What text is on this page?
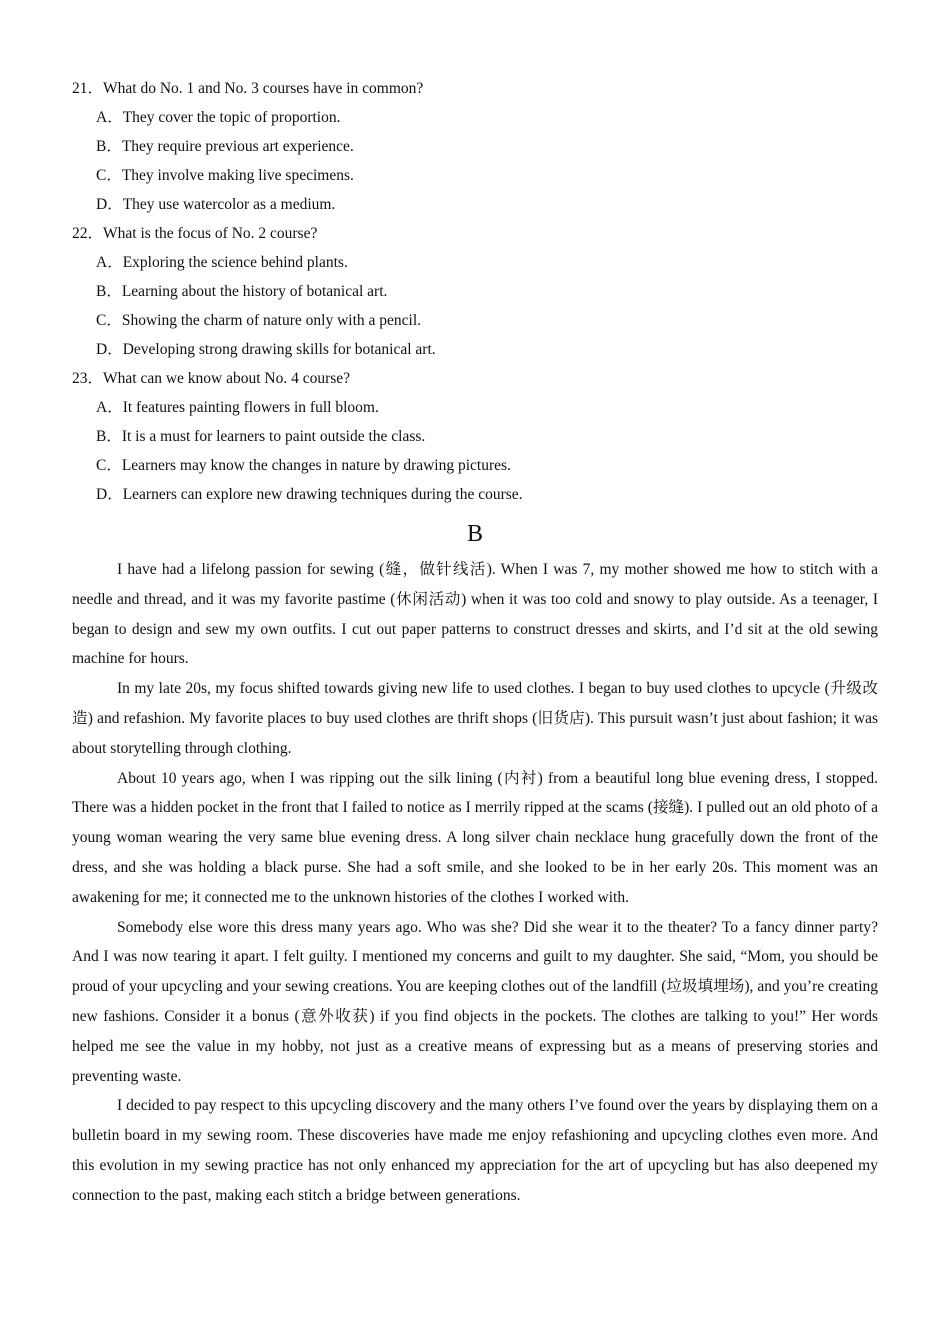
21．What do No. 1 and No. 3 courses have in common?
A．They cover the topic of proportion.
B．They require previous art experience.
C．They involve making live specimens.
D．They use watercolor as a medium.
22．What is the focus of No. 2 course?
A．Exploring the science behind plants.
B．Learning about the history of botanical art.
C．Showing the charm of nature only with a pencil.
D．Developing strong drawing skills for botanical art.
23．What can we know about No. 4 course?
A．It features painting flowers in full bloom.
B．It is a must for learners to paint outside the class.
C．Learners may know the changes in nature by drawing pictures.
D．Learners can explore new drawing techniques during the course.
B

I have had a lifelong passion for sewing (缝，做针线活). When I was 7, my mother showed me how to stitch with a needle and thread, and it was my favorite pastime (休闲活动) when it was too cold and snowy to play outside. As a teenager, I began to design and sew my own outfits. I cut out paper patterns to construct dresses and skirts, and I’d sit at the old sewing machine for hours.

In my late 20s, my focus shifted towards giving new life to used clothes. I began to buy used clothes to upcycle (升级改造) and refashion. My favorite places to buy used clothes are thrift shops (旧货店). This pursuit wasn’t just about fashion; it was about storytelling through clothing.

About 10 years ago, when I was ripping out the silk lining (内衬) from a beautiful long blue evening dress, I stopped. There was a hidden pocket in the front that I failed to notice as I merrily ripped at the scams (接缝). I pulled out an old photo of a young woman wearing the very same blue evening dress. A long silver chain necklace hung gracefully down the front of the dress, and she was holding a black purse. She had a soft smile, and she looked to be in her early 20s. This moment was an awakening for me; it connected me to the unknown histories of the clothes I worked with.

Somebody else wore this dress many years ago. Who was she? Did she wear it to the theater? To a fancy dinner party? And I was now tearing it apart. I felt guilty. I mentioned my concerns and guilt to my daughter. She said, “Mom, you should be proud of your upcycling and your sewing creations. You are keeping clothes out of the landfill (垃圾填埋场), and you’re creating new fashions. Consider it a bonus (意外收获) if you find objects in the pockets. The clothes are talking to you!” Her words helped me see the value in my hobby, not just as a creative means of expressing but as a means of preserving stories and preventing waste.

I decided to pay respect to this upcycling discovery and the many others I’ve found over the years by displaying them on a bulletin board in my sewing room. These discoveries have made me enjoy refashioning and upcycling clothes even more. And this evolution in my sewing practice has not only enhanced my appreciation for the art of upcycling but has also deepened my connection to the past, making each stitch a bridge between generations.
